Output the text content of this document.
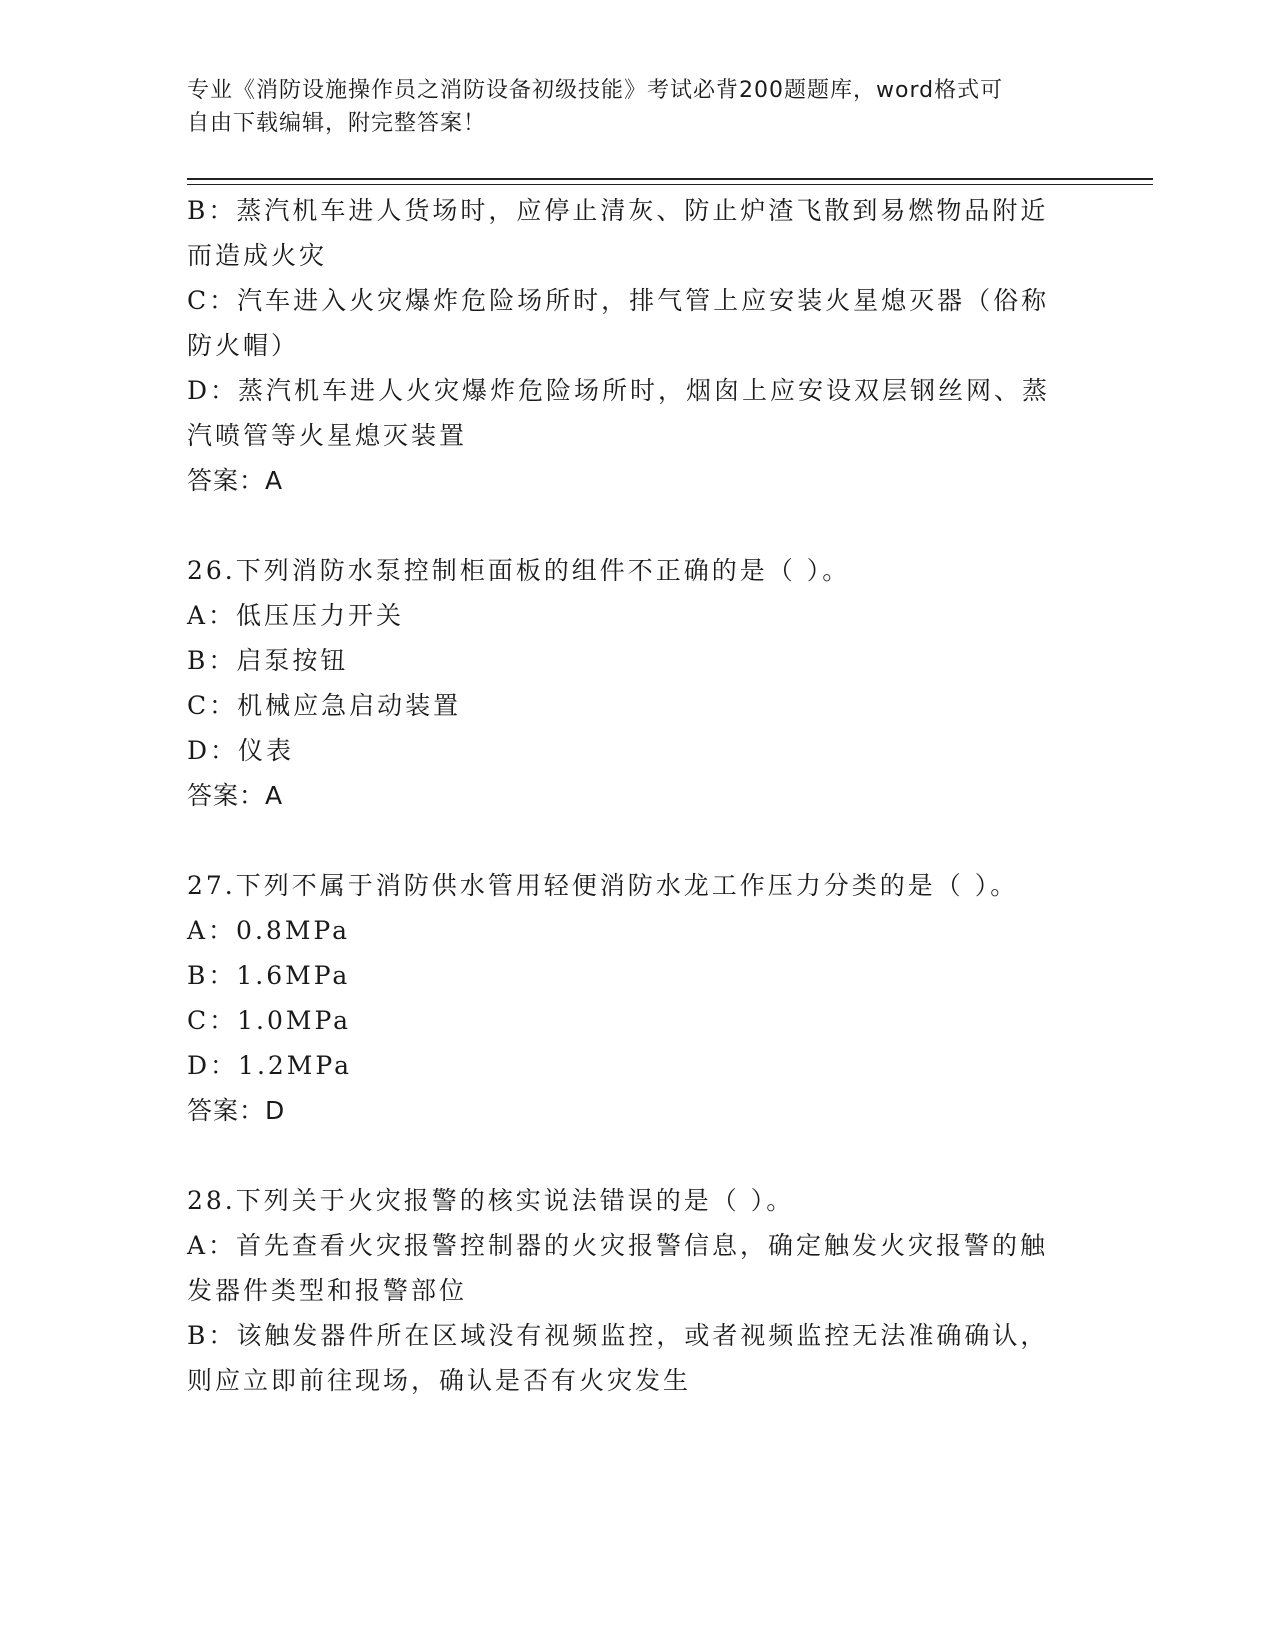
专业《消防设施操作员之消防设备初级技能》考试必背200题题库，word格式可
自由下载编辑，附完整答案！
B：蒸汽机车进人货场时，应停止清灰、防止炉渣飞散到易燃物品附近
而造成火灾
C：汽车进入火灾爆炸危险场所时，排气管上应安装火星熄灭器（俗称
防火帽）
D：蒸汽机车进人火灾爆炸危险场所时，烟囱上应安设双层钢丝网、蒸
汽喷管等火星熄灭装置
答案：A
26.下列消防水泵控制柜面板的组件不正确的是（ ）。
A：低压压力开关
B：启泵按钮
C：机械应急启动装置
D：仪表
答案：A
27.下列不属于消防供水管用轻便消防水龙工作压力分类的是（ ）。
A：0.8MPa
B：1.6MPa
C：1.0MPa
D：1.2MPa
答案：D
28.下列关于火灾报警的核实说法错误的是（ ）。
A：首先查看火灾报警控制器的火灾报警信息，确定触发火灾报警的触
发器件类型和报警部位
B：该触发器件所在区域没有视频监控，或者视频监控无法准确确认，
则应立即前往现场，确认是否有火灾发生
